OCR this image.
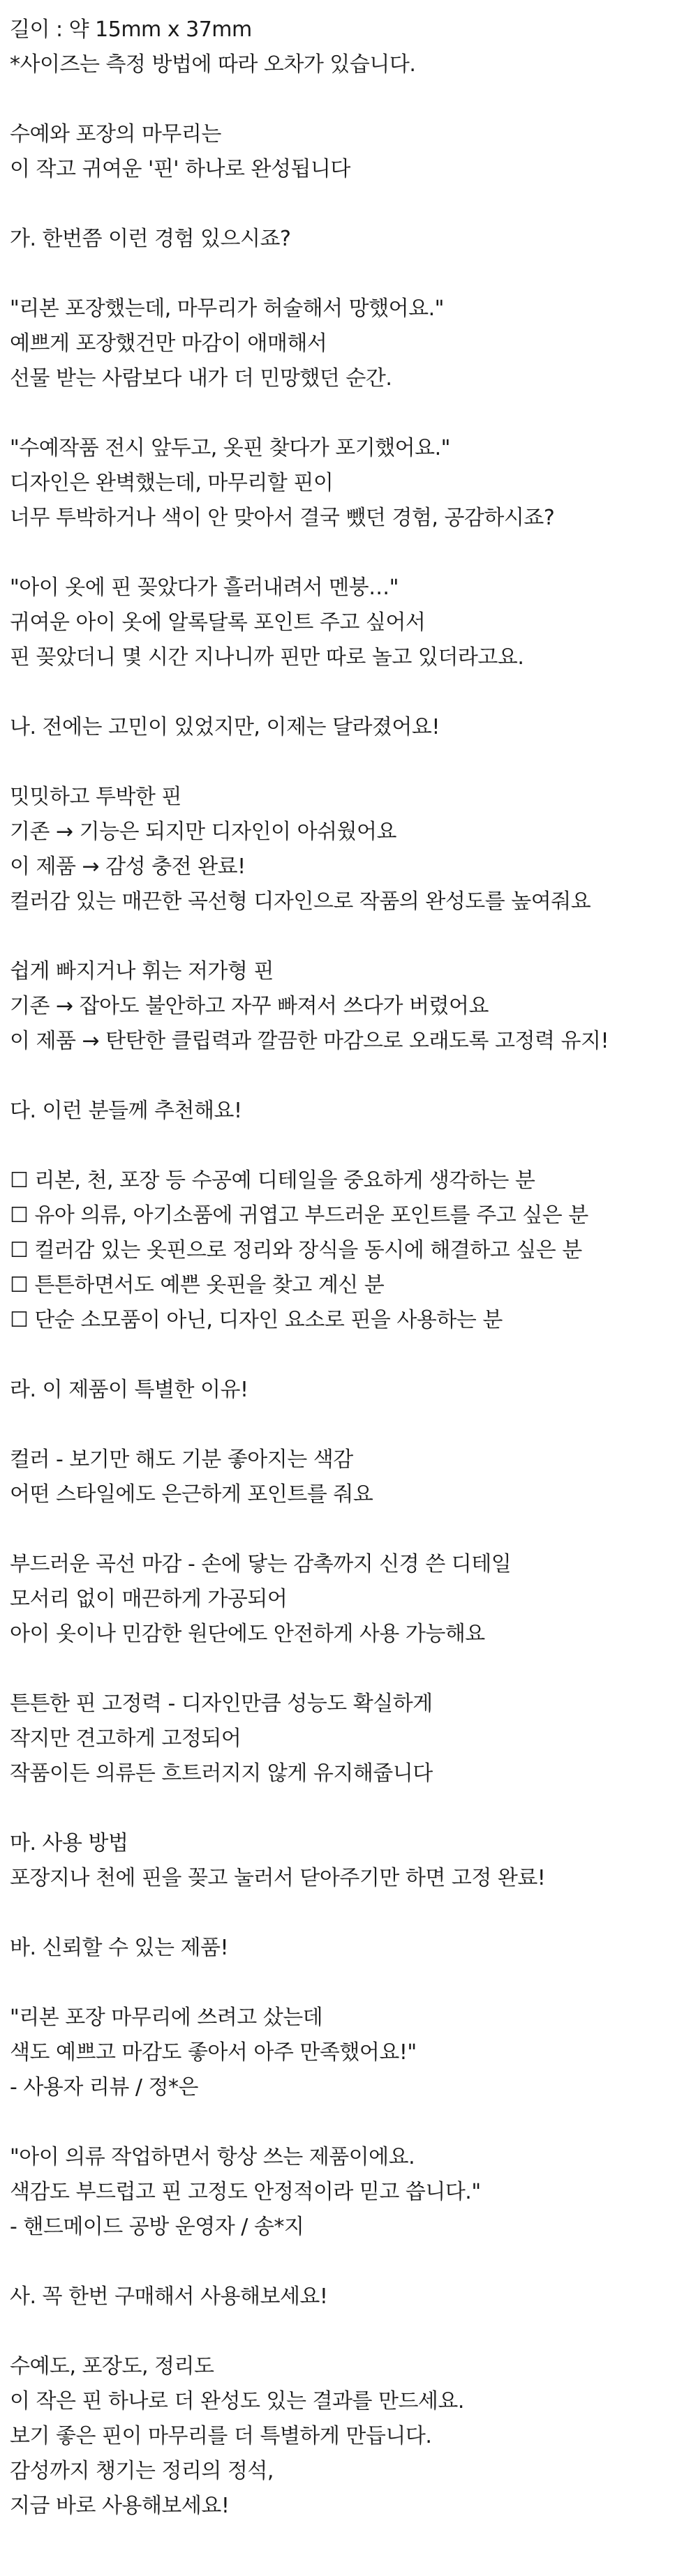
길이 : 약 15mm x 37mm
*사이즈는 측정 방법에 따라 오차가 있습니다.
수예와 포장의 마무리는
이 작고 귀여운 '핀' 하나로 완성됩니다
가. 한번쯤 이런 경험 있으시죠?
"리본 포장했는데, 마무리가 허술해서 망했어요."
예쁘게 포장했건만 마감이 애매해서
선물 받는 사람보다 내가 더 민망했던 순간.
"수예작품 전시 앞두고, 옷핀 찾다가 포기했어요."
디자인은 완벽했는데, 마무리할 핀이
너무 투박하거나 색이 안 맞아서 결국 뺐던 경험, 공감하시죠?
"아이 옷에 핀 꽂았다가 흘러내려서 멘붕…"
귀여운 아이 옷에 알록달록 포인트 주고 싶어서
핀 꽂았더니 몇 시간 지나니까 핀만 따로 놀고 있더라고요.
나. 전에는 고민이 있었지만, 이제는 달라졌어요!
밋밋하고 투박한 핀
기존 → 기능은 되지만 디자인이 아쉬웠어요
이 제품 → 감성 충전 완료!
컬러감 있는 매끈한 곡선형 디자인으로 작품의 완성도를 높여줘요
쉽게 빠지거나 휘는 저가형 핀
기존 → 잡아도 불안하고 자꾸 빠져서 쓰다가 버렸어요
이 제품 → 탄탄한 클립력과 깔끔한 마감으로 오래도록 고정력 유지!
다. 이런 분들께 추천해요!
☐ 리본, 천, 포장 등 수공예 디테일을 중요하게 생각하는 분
☐ 유아 의류, 아기소품에 귀엽고 부드러운 포인트를 주고 싶은 분
☐ 컬러감 있는 옷핀으로 정리와 장식을 동시에 해결하고 싶은 분
☐ 튼튼하면서도 예쁜 옷핀을 찾고 계신 분
☐ 단순 소모품이 아닌, 디자인 요소로 핀을 사용하는 분
라. 이 제품이 특별한 이유!
컬러 - 보기만 해도 기분 좋아지는 색감
어떤 스타일에도 은근하게 포인트를 줘요
부드러운 곡선 마감 - 손에 닿는 감촉까지 신경 쓴 디테일
모서리 없이 매끈하게 가공되어
아이 옷이나 민감한 원단에도 안전하게 사용 가능해요
튼튼한 핀 고정력 - 디자인만큼 성능도 확실하게
작지만 견고하게 고정되어
작품이든 의류든 흐트러지지 않게 유지해줍니다
마. 사용 방법
포장지나 천에 핀을 꽂고 눌러서 닫아주기만 하면 고정 완료!
바. 신뢰할 수 있는 제품!
"리본 포장 마무리에 쓰려고 샀는데
색도 예쁘고 마감도 좋아서 아주 만족했어요!"
- 사용자 리뷰 / 정*은
"아이 의류 작업하면서 항상 쓰는 제품이에요.
색감도 부드럽고 핀 고정도 안정적이라 믿고 씁니다."
- 핸드메이드 공방 운영자 / 송*지
사. 꼭 한번 구매해서 사용해보세요!
수예도, 포장도, 정리도
이 작은 핀 하나로 더 완성도 있는 결과를 만드세요.
보기 좋은 핀이 마무리를 더 특별하게 만듭니다.
감성까지 챙기는 정리의 정석,
지금 바로 사용해보세요!
